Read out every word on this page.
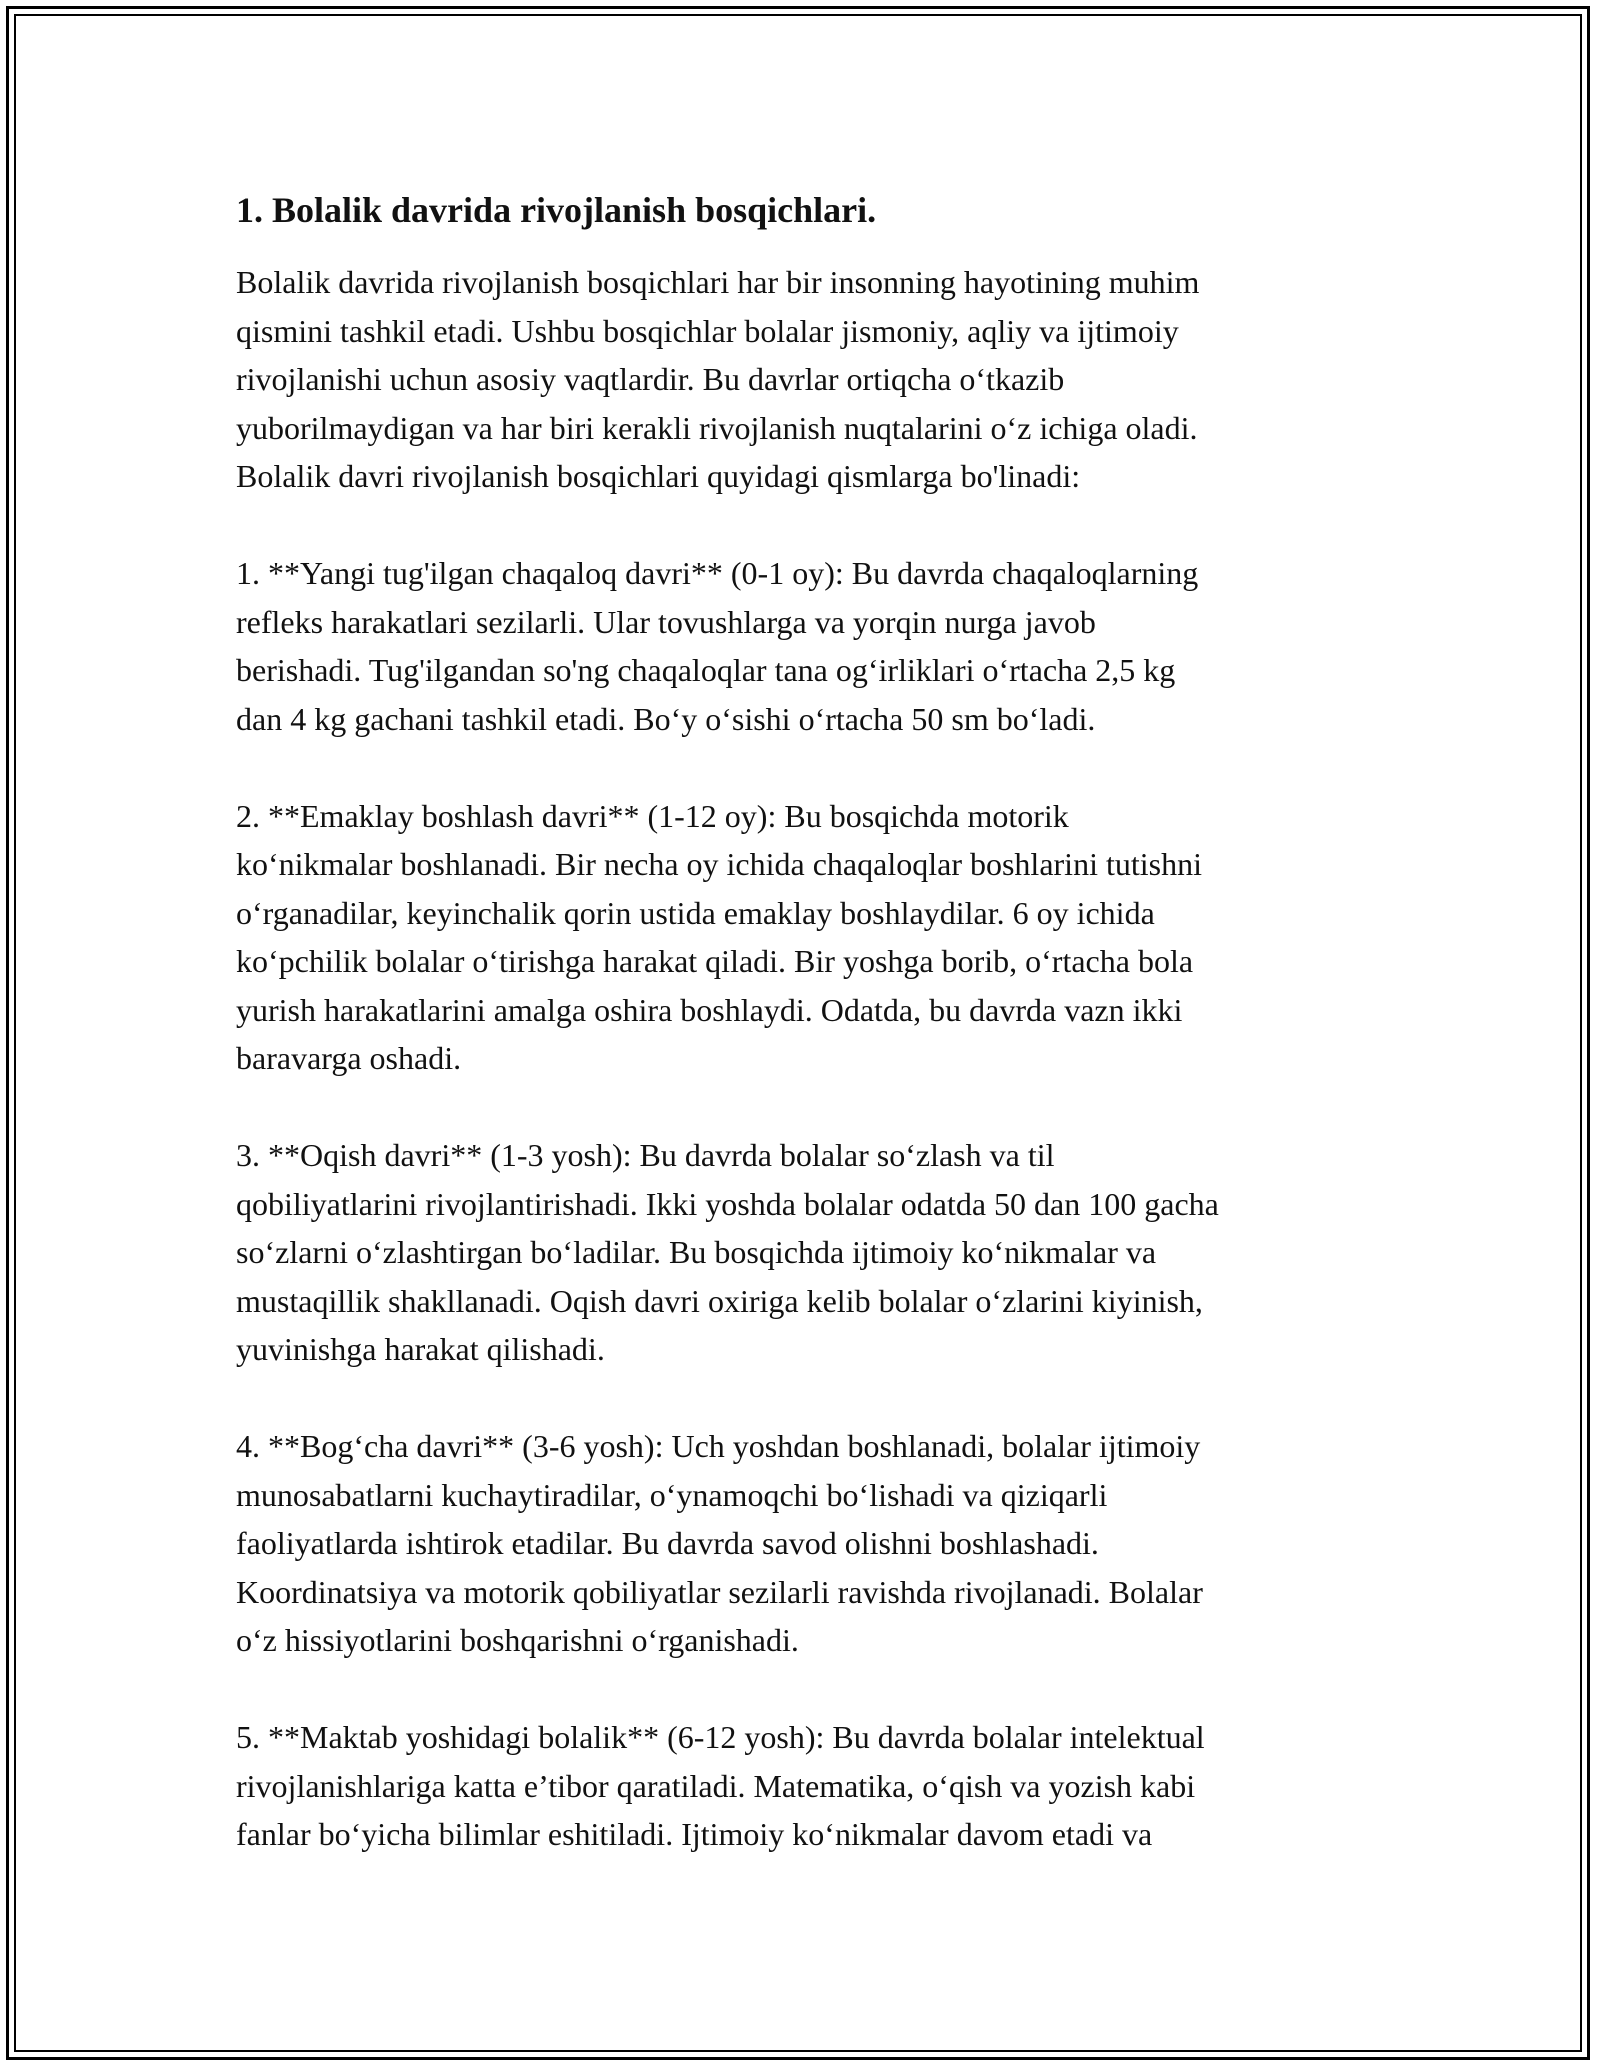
1. Bolalik davrida rivojlanish bosqichlari.
Bolalik davrida rivojlanish bosqichlari har bir insonning hayotining muhim
qismini tashkil etadi. Ushbu bosqichlar bolalar jismoniy, aqliy va ijtimoiy
rivojlanishi uchun asosiy vaqtlardir. Bu davrlar ortiqcha o‘tkazib
yuborilmaydigan va har biri kerakli rivojlanish nuqtalarini o‘z ichiga oladi.
Bolalik davri rivojlanish bosqichlari quyidagi qismlarga bo'linadi:
1. **Yangi tug'ilgan chaqaloq davri** (0-1 oy): Bu davrda chaqaloqlarning
refleks harakatlari sezilarli. Ular tovushlarga va yorqin nurga javob
berishadi. Tug'ilgandan so'ng chaqaloqlar tana og‘irliklari o‘rtacha 2,5 kg
dan 4 kg gachani tashkil etadi. Bo‘y o‘sishi o‘rtacha 50 sm bo‘ladi.
2. **Emaklay boshlash davri** (1-12 oy): Bu bosqichda motorik
ko‘nikmalar boshlanadi. Bir necha oy ichida chaqaloqlar boshlarini tutishni
o‘rganadilar, keyinchalik qorin ustida emaklay boshlaydilar. 6 oy ichida
ko‘pchilik bolalar o‘tirishga harakat qiladi. Bir yoshga borib, o‘rtacha bola
yurish harakatlarini amalga oshira boshlaydi. Odatda, bu davrda vazn ikki
baravarga oshadi.
3. **Oqish davri** (1-3 yosh): Bu davrda bolalar so‘zlash va til
qobiliyatlarini rivojlantirishadi. Ikki yoshda bolalar odatda 50 dan 100 gacha
so‘zlarni o‘zlashtirgan bo‘ladilar. Bu bosqichda ijtimoiy ko‘nikmalar va
mustaqillik shakllanadi. Oqish davri oxiriga kelib bolalar o‘zlarini kiyinish,
yuvinishga harakat qilishadi.
4. **Bog‘cha davri** (3-6 yosh): Uch yoshdan boshlanadi, bolalar ijtimoiy
munosabatlarni kuchaytiradilar, o‘ynamoqchi bo‘lishadi va qiziqarli
faoliyatlarda ishtirok etadilar. Bu davrda savod olishni boshlashadi.
Koordinatsiya va motorik qobiliyatlar sezilarli ravishda rivojlanadi. Bolalar
o‘z hissiyotlarini boshqarishni o‘rganishadi.
5. **Maktab yoshidagi bolalik** (6-12 yosh): Bu davrda bolalar intelektual
rivojlanishlariga katta e’tibor qaratiladi. Matematika, o‘qish va yozish kabi
fanlar bo‘yicha bilimlar eshitiladi. Ijtimoiy ko‘nikmalar davom etadi va
